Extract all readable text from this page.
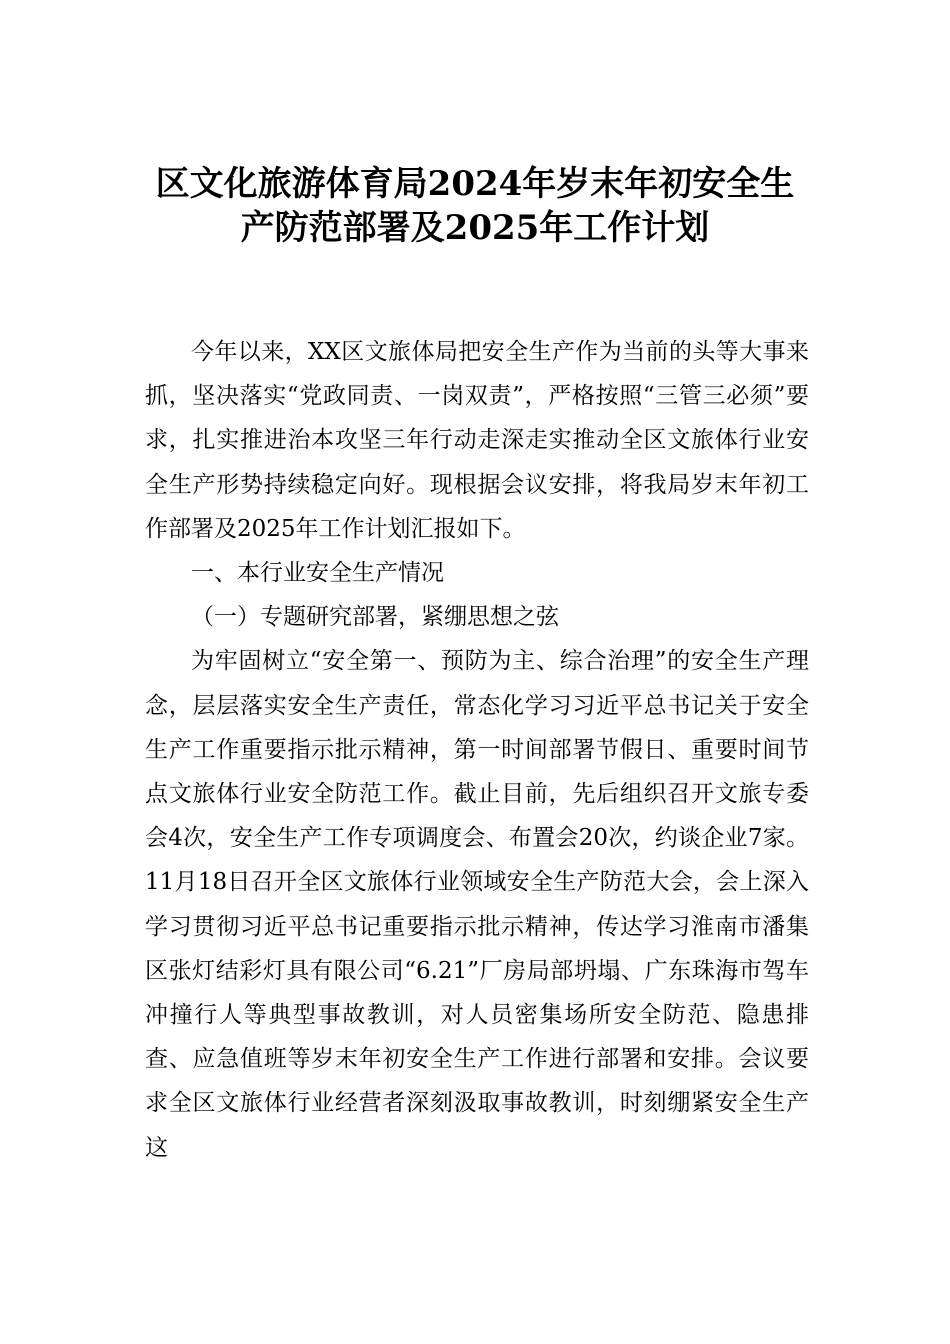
区文化旅游体育局2024年岁末年初安全生
产防范部署及2025年工作计划

今年以来，XX区文旅体局把安全生产作为当前的头等大事来抓，坚决落实“党政同责、一岗双责”，严格按照“三管三必须”要求，扎实推进治本攻坚三年行动走深走实推动全区文旅体行业安全生产形势持续稳定向好。现根据会议安排，将我局岁末年初工作部署及2025年工作计划汇报如下。

一、本行业安全生产情况

（一）专题研究部署，紧绷思想之弦

为牢固树立“安全第一、预防为主、综合治理”的安全生产理念，层层落实安全生产责任，常态化学习习近平总书记关于安全生产工作重要指示批示精神，第一时间部署节假日、重要时间节点文旅体行业安全防范工作。截止目前，先后组织召开文旅专委会4次，安全生产工作专项调度会、布置会20次，约谈企业7家。11月18日召开全区文旅体行业领域安全生产防范大会，会上深入学习贯彻习近平总书记重要指示批示精神，传达学习淮南市潘集区张灯结彩灯具有限公司“6.21”厂房局部坍塌、广东珠海市驾车冲撞行人等典型事故教训，对人员密集场所安全防范、隐患排查、应急值班等岁末年初安全生产工作进行部署和安排。会议要求全区文旅体行业经营者深刻汲取事故教训，时刻绷紧安全生产这
